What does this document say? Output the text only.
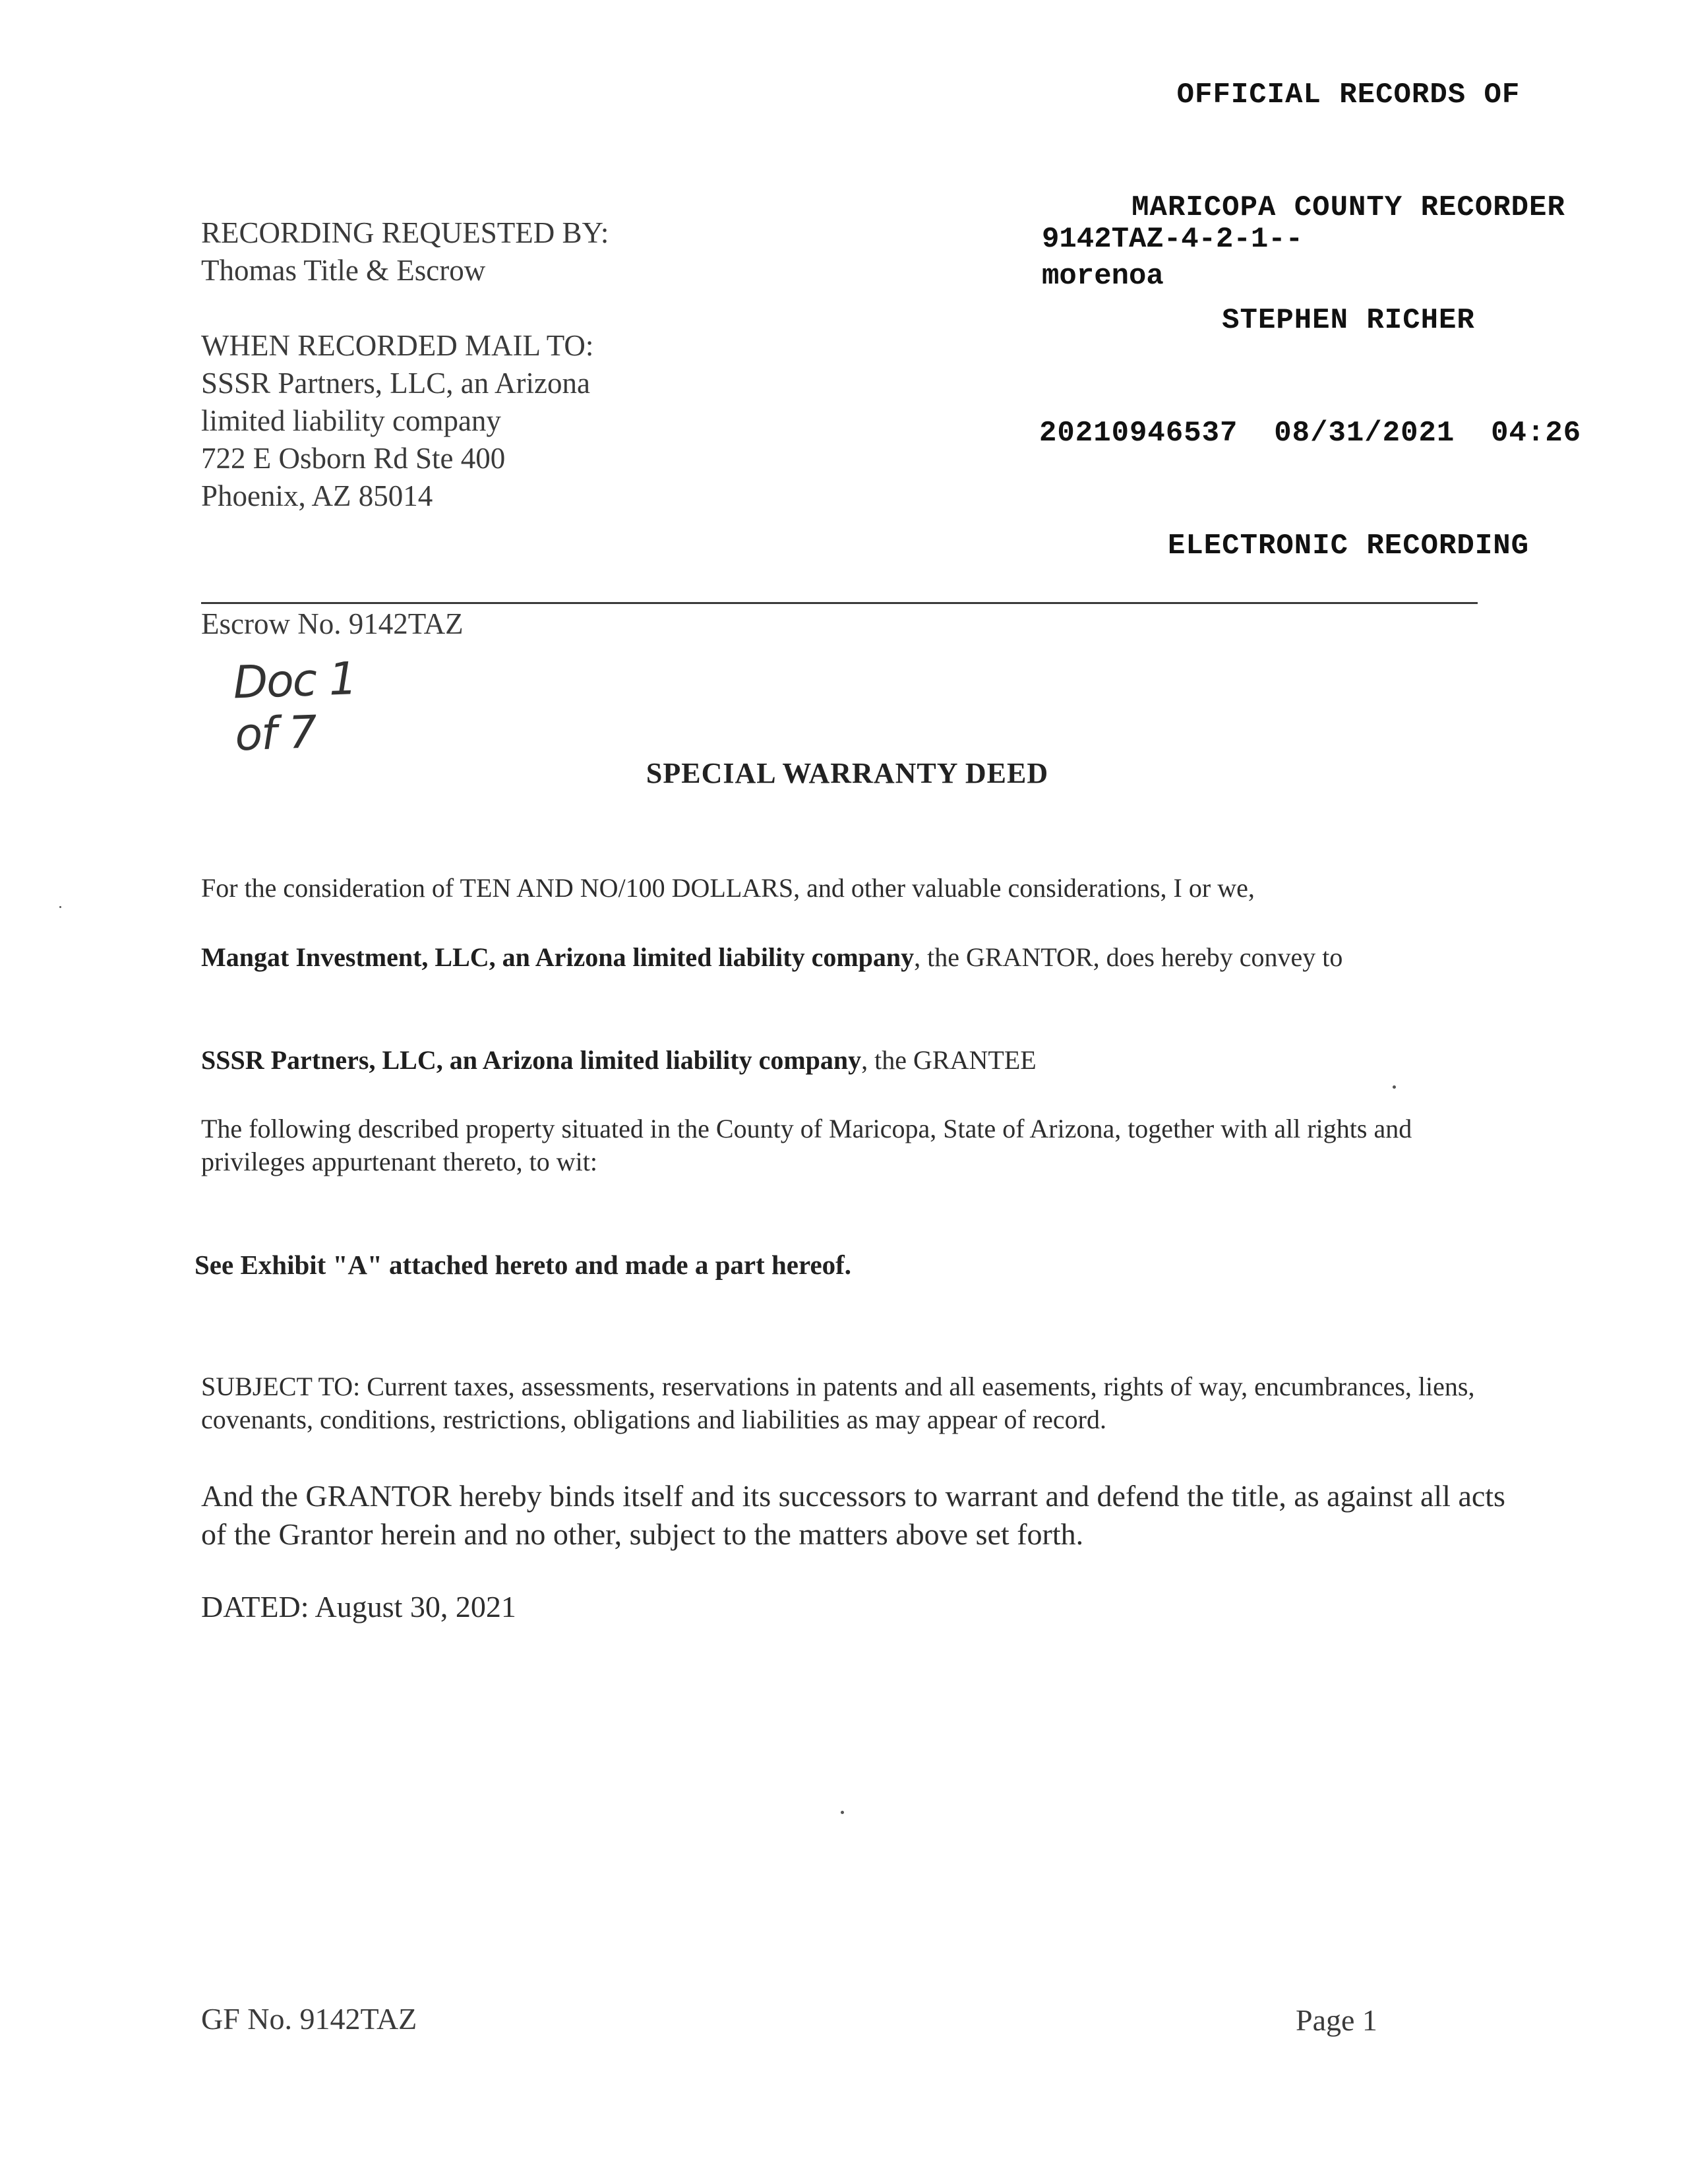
OFFICIAL RECORDS OF

MARICOPA COUNTY RECORDER

STEPHEN RICHER

20210946537  08/31/2021  04:26

ELECTRONIC RECORDING

9142TAZ-4-2-1--
morenoa
RECORDING REQUESTED BY:
Thomas Title & Escrow
WHEN RECORDED MAIL TO:
SSSR Partners, LLC, an Arizona
limited liability company
722 E Osborn Rd Ste 400
Phoenix, AZ 85014
Escrow No. 9142TAZ
Doc 1 of 7
SPECIAL WARRANTY DEED

For the consideration of TEN AND NO/100 DOLLARS, and other valuable considerations, I or we,

Mangat Investment, LLC, an Arizona limited liability company, the GRANTOR, does hereby convey to

SSSR Partners, LLC, an Arizona limited liability company, the GRANTEE

The following described property situated in the County of Maricopa, State of Arizona, together with all rights and privileges appurtenant thereto, to wit:

See Exhibit "A" attached hereto and made a part hereof.

SUBJECT TO: Current taxes, assessments, reservations in patents and all easements, rights of way, encumbrances, liens, covenants, conditions, restrictions, obligations and liabilities as may appear of record.

And the GRANTOR hereby binds itself and its successors to warrant and defend the title, as against all acts of the Grantor herein and no other, subject to the matters above set forth.

DATED: August 30, 2021
GF No. 9142TAZ	Page 1
